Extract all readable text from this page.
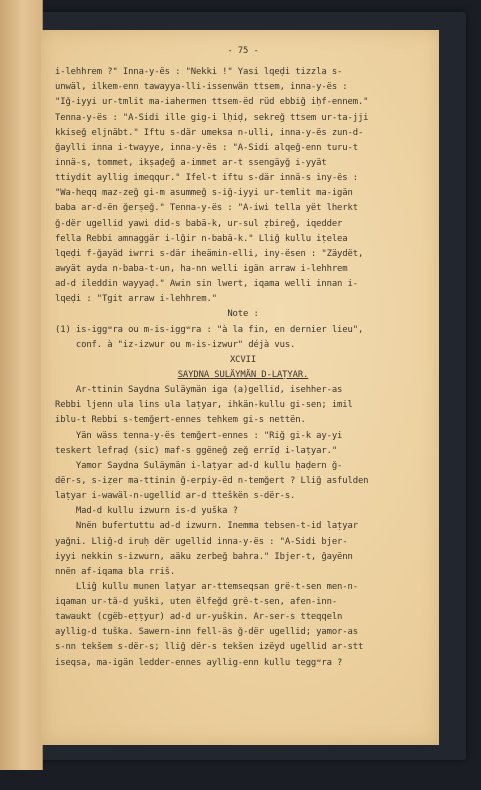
- 75 -
i-lehhrem ?" Inna-y-ës : "Nekki !" Yasi lqeḍi tizzla s-
unwäl, ilkem-enn tawayya-lli-issenwän ttsem, inna-y-ës :
"Iǧ-iyyi ur-tmlit ma-iahermen ttsem-ëd rüd ebbiǧ iḥf-ennem."
Tenna-y-ës : "A-Sidi ille gig-i lḥiḍ, sekreǧ ttsem ur-ta-jji
kkiseǧ eljnäbt." Iftu s-där umeksa n-ulli, inna-y-ës zun-d-
ǧaylli inna i-twayye, inna-y-ës : "A-Sidi alqeǧ-enn turu-t
innä-s, tommet, ikṣaḍeǧ a-immet ar-t ssengäyǧ i-yyät
ttiydit ayllig imeqqur." Ifel-t iftu s-där innä-s iny-ës :
"Wa-heqq maz-zeǧ gi-m asummeǧ s-iǧ-iyyi ur-temlit ma-igän
baba ar-d-ën ǧerṣeǧ." Tenna-y-ës : "A-iwi tella yët lherkt
ǧ-dër ugellid yawi did-s babä-k, ur-sul ẓbireǧ, iqedder
fella Rebbi amnaggär i-lǧir n-babä-k." Lliǧ kullu iṭelea
lqeḍi f-ǧayäd iwrri s-där iheämin-elli, iny-ësen : "Zäydët,
awyät ayda n-baba-t-un, ha-nn welli igän arraw i-lehhrem
ad-d ileddin wayyaḍ." Awin sin lwert, iqama welli innan i-
lqeḍi : "Tgit arraw i-lehhrem."
Note :
(1) is-iggʷra ou m-is-iggʷra : "à la fin, en dernier lieu",
conf. à "iz-izwur ou m-is-izwur" déjà vus.
XCVII
SAYDNA SULÄYMÄN D-LAṬYAR.
Ar-ttinin Saydna Suläymän iga (a)gellid, isehher-as
Rebbi ljenn ula lins ula laṭyar, ihkän-kullu gi-sen; imil
iblu-t Rebbi s-temǧert-ennes tehkem gi-s nettën.
Yän wäss tenna-y-ës temǧert-ennes : "Riǧ gi-k ay-yi
teskert lefraḍ (sic) maf-s ggëneǧ zeǧ errïḍ i-laṭyar."
Yamor Saydna Suläymän i-laṭyar ad-d kullu ḥaḍern ǧ-
dër-s, s-iẓer ma-ttinin ǧ-erpiy-ëd n-temǧert ? Lliǧ asfulden
laṭyar i-wawäl-n-ugellid ar-d tteškën s-dër-s.
Mad-d kullu izwurn is-d yuška ?
Nnën bufertuttu ad-d izwurn. Inemma tebsen-t-id laṭyar
yaǧni. Lliǧ-d iruḥ dër ugellid inna-y-ës : "A-Sidi bjer-
iyyi nekkin s-izwurn, aäku zerbeǧ bahra." Ibjer-t, ǧayënn
nnën af-iqama bla rriš.
Lliǧ kullu munen laṭyar ar-ttemseqsan grë-t-sen men-n-
iqaman ur-tä-d yuški, uten ëlfeǧd grë-t-sen, afen-inn-
tawaukt (cgëb-eṭṭyur) ad-d ur-yuškin. Ar-ser-s tteqqeln
ayllig-d tuška. Sawern-inn fell-äs ǧ-dër ugellid; yamor-as
s-nn tekšem s-dër-s; lliǧ dër-s tekšen izëyd ugellid ar-stt
iseqsa, ma-igän ledder-ennes ayllig-enn kullu teggʷra ?
